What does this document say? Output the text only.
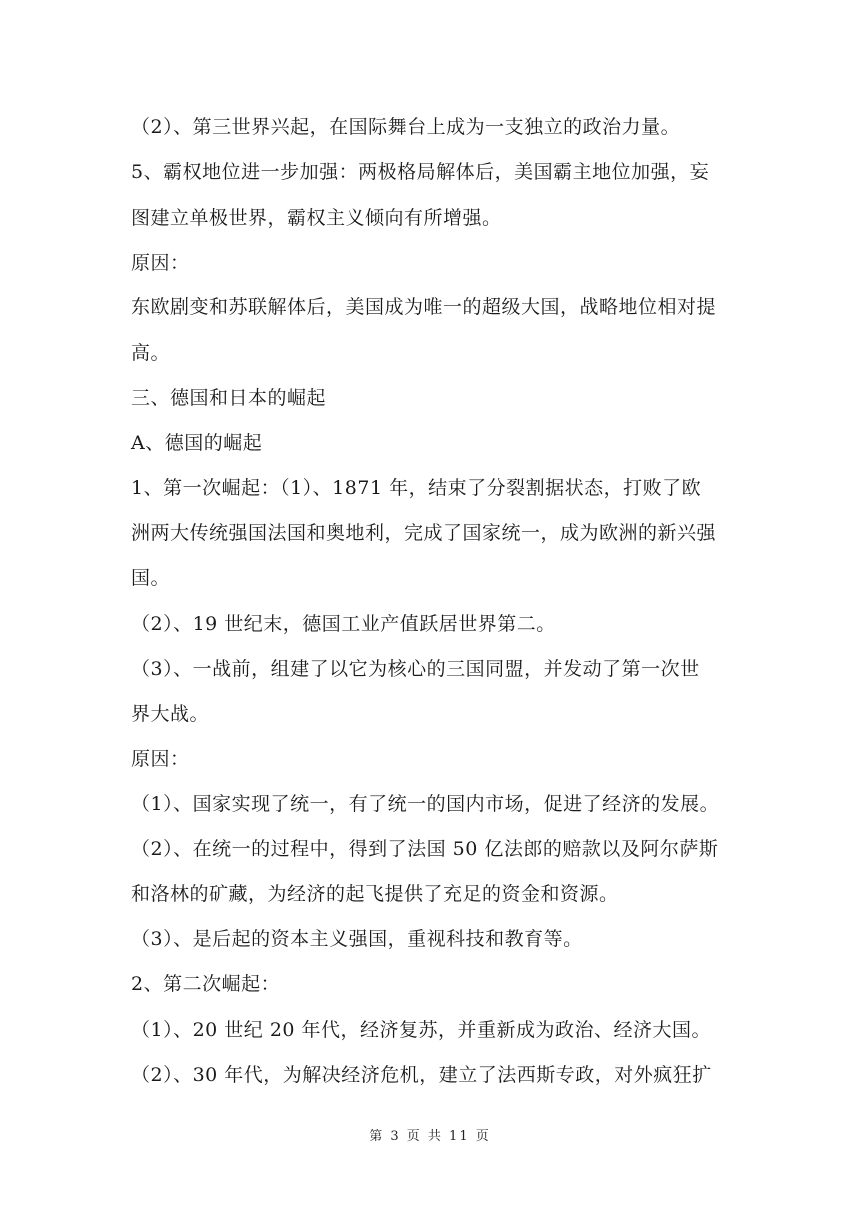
（2）、第三世界兴起，在国际舞台上成为一支独立的政治力量。
5、霸权地位进一步加强：两极格局解体后，美国霸主地位加强，妄
图建立单极世界，霸权主义倾向有所增强。
原因：
东欧剧变和苏联解体后，美国成为唯一的超级大国，战略地位相对提
高。
三、德国和日本的崛起
A、德国的崛起
1、第一次崛起：（1）、1871 年，结束了分裂割据状态，打败了欧
洲两大传统强国法国和奥地利，完成了国家统一，成为欧洲的新兴强
国。
（2）、19 世纪末，德国工业产值跃居世界第二。
（3）、一战前，组建了以它为核心的三国同盟，并发动了第一次世
界大战。
原因：
（1）、国家实现了统一，有了统一的国内市场，促进了经济的发展。
（2）、在统一的过程中，得到了法国 50 亿法郎的赔款以及阿尔萨斯
和洛林的矿藏，为经济的起飞提供了充足的资金和资源。
（3）、是后起的资本主义强国，重视科技和教育等。
2、第二次崛起：
（1）、20 世纪 20 年代，经济复苏，并重新成为政治、经济大国。
（2）、30 年代，为解决经济危机，建立了法西斯专政，对外疯狂扩
第 3 页 共 11 页
